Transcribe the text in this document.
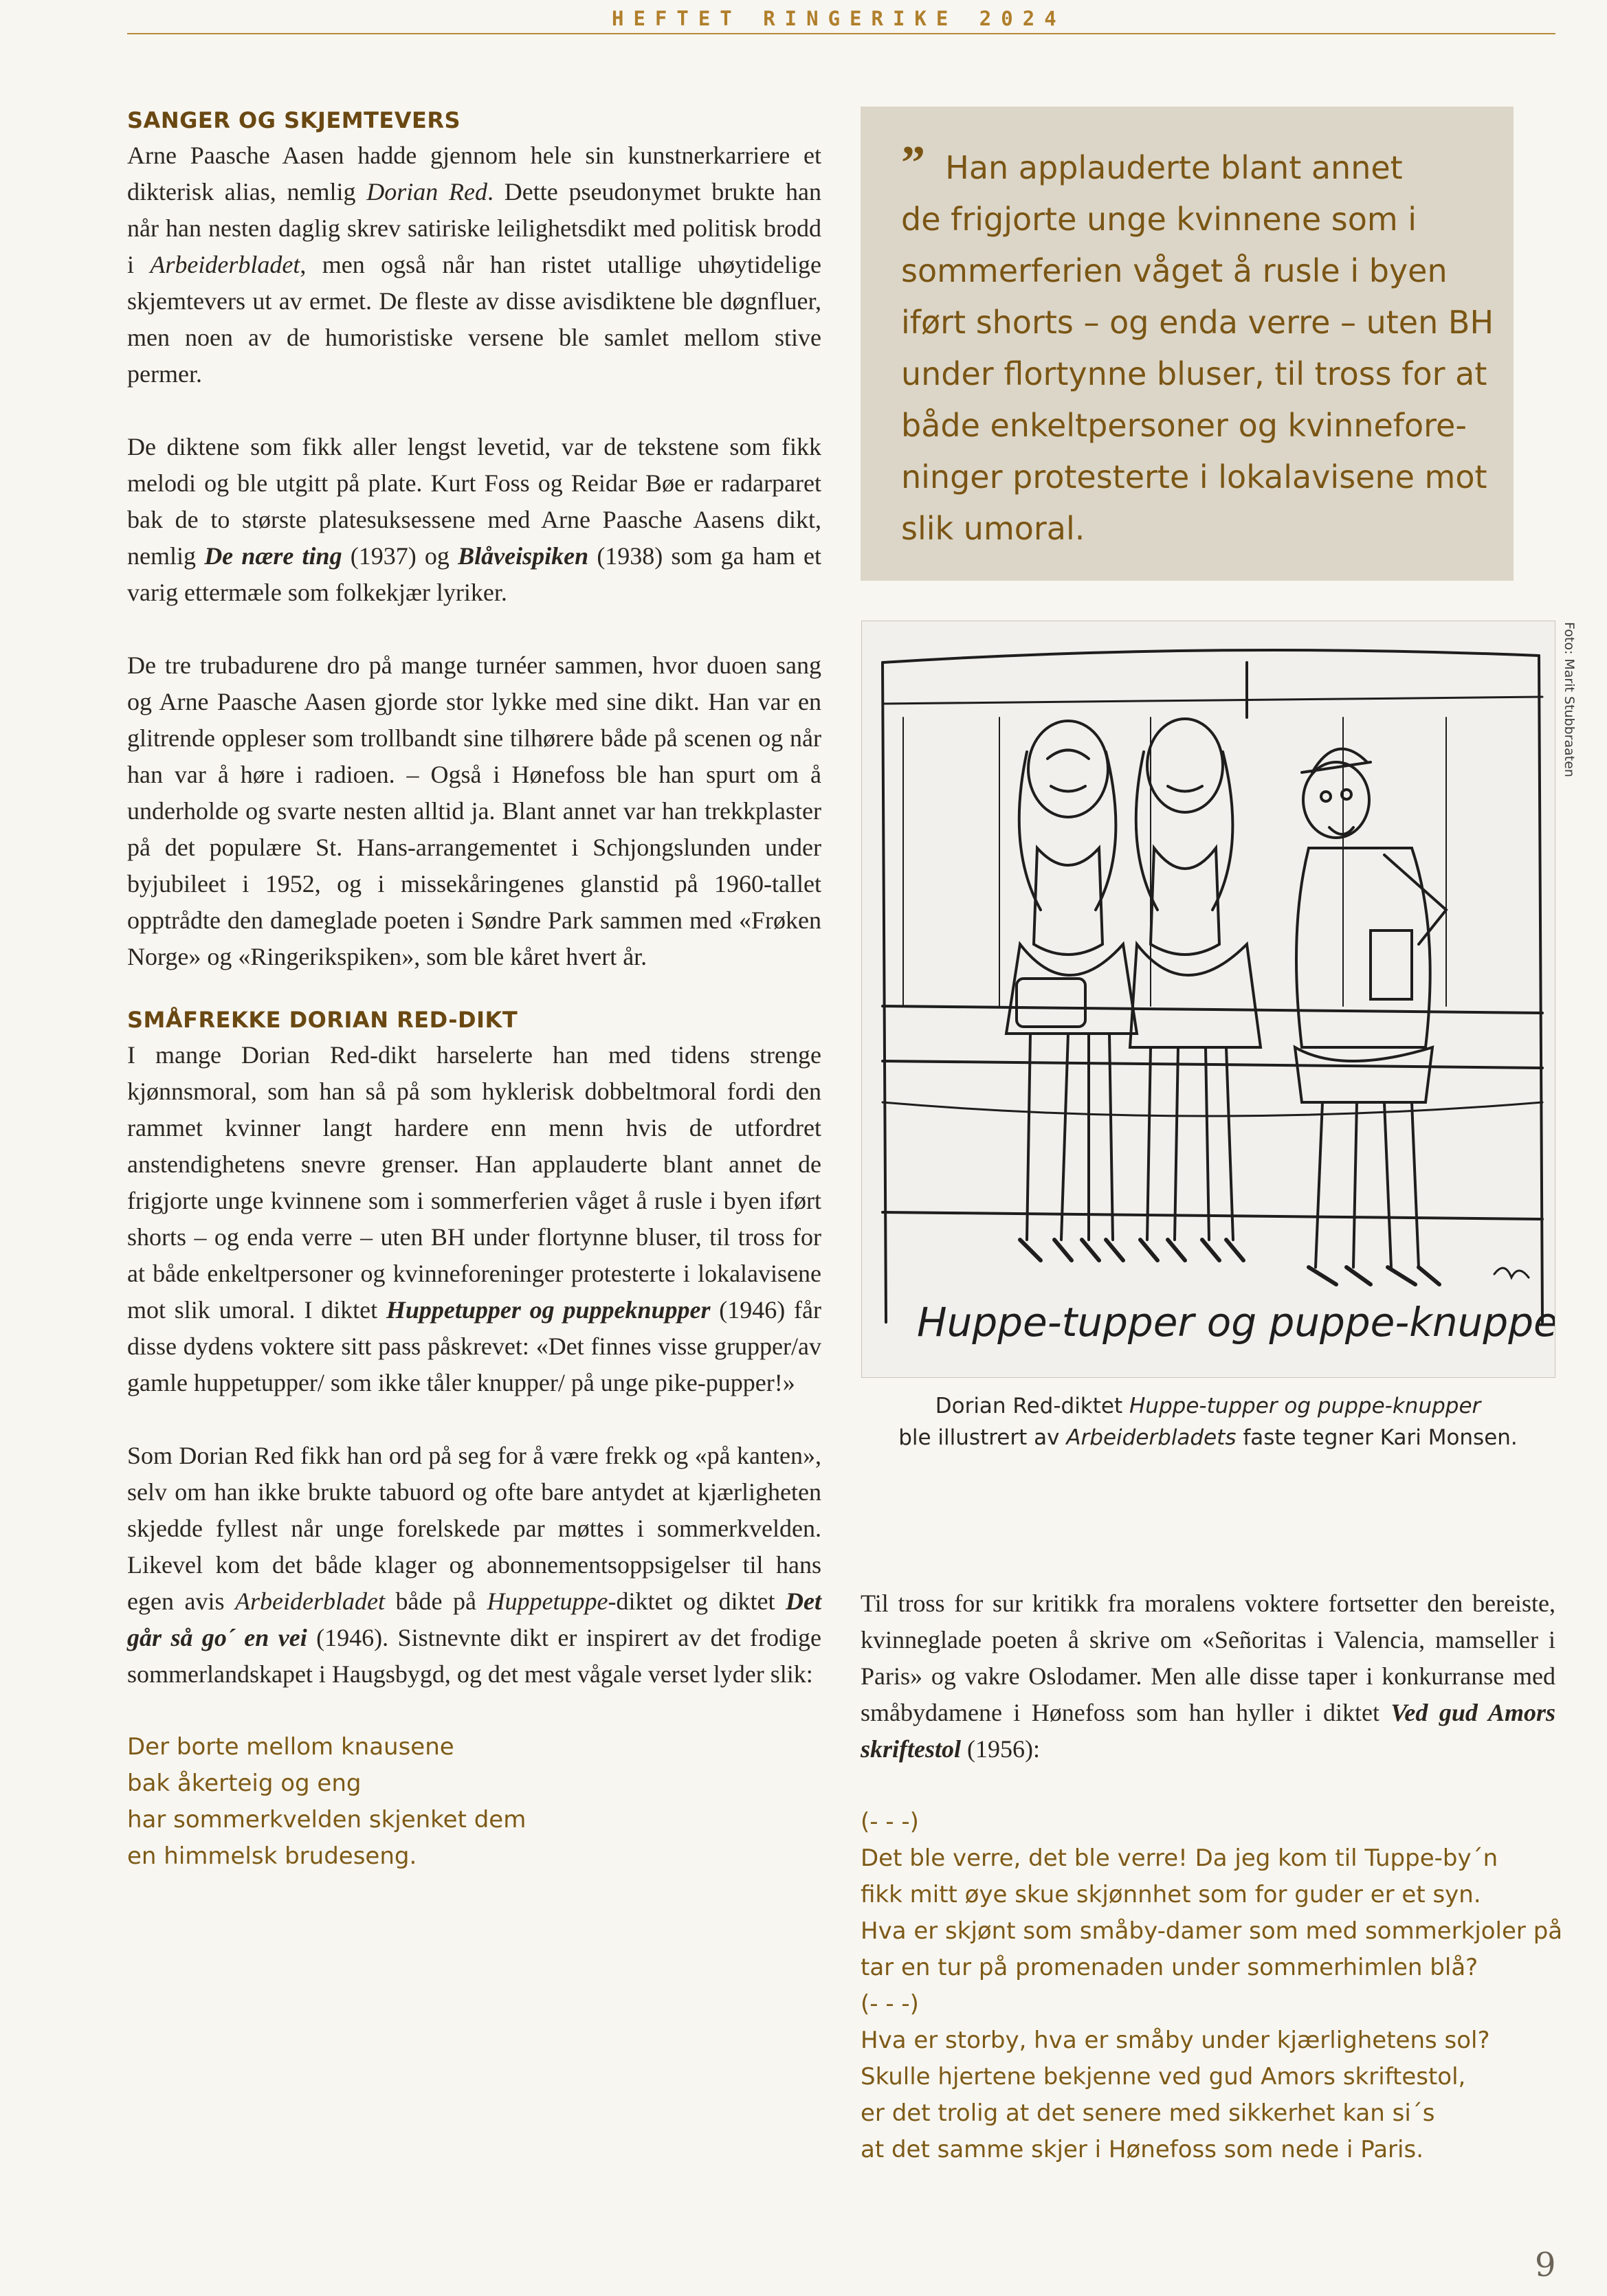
HEFTET RINGERIKE 2024
SANGER OG SKJEMTEVERS

Arne Paasche Aasen hadde gjennom hele sin kunstnerkarriere et dikterisk alias, nemlig Dorian Red. Dette pseudonymet brukte han når han nesten daglig skrev satiriske leilighetsdikt med politisk brodd i Arbeiderbladet, men også når han ristet utallige uhøytidelige skjemtevers ut av ermet. De fleste av disse avisdiktene ble døgnfluer, men noen av de humoristiske versene ble samlet mellom stive permer.

De diktene som fikk aller lengst levetid, var de tekstene som fikk melodi og ble utgitt på plate. Kurt Foss og Reidar Bøe er radarparet bak de to største platesuksessene med Arne Paasche Aasens dikt, nemlig De nære ting (1937) og Blåveispiken (1938) som ga ham et varig ettermæle som folkekjær lyriker.

De tre trubadurene dro på mange turnéer sammen, hvor duoen sang og Arne Paasche Aasen gjorde stor lykke med sine dikt. Han var en glitrende oppleser som trollbandt sine tilhørere både på scenen og når han var å høre i radioen. – Også i Hønefoss ble han spurt om å underholde og svarte nesten alltid ja. Blant annet var han trekkplaster på det populære St. Hans-arrangementet i Schjongslunden under byjubileet i 1952, og i missekåringenes glanstid på 1960-tallet opptrådte den dameglade poeten i Søndre Park sammen med «Frøken Norge» og «Ringerikspiken», som ble kåret hvert år.

SMÅFREKKE DORIAN RED-DIKT

I mange Dorian Red-dikt harselerte han med tidens strenge kjønnsmoral, som han så på som hyklerisk dobbeltmoral fordi den rammet kvinner langt hardere enn menn hvis de utfordret anstendighetens snevre grenser. Han applauderte blant annet de frigjorte unge kvinnene som i sommerferien våget å rusle i byen iført shorts – og enda verre – uten BH under flortynne bluser, til tross for at både enkeltpersoner og kvinneforeninger protesterte i lokalavisene mot slik umoral. I diktet Huppetupper og puppeknupper (1946) får disse dydens voktere sitt pass påskrevet: «Det finnes visse grupper/av gamle huppetupper/ som ikke tåler knupper/ på unge pike-pupper!»

Som Dorian Red fikk han ord på seg for å være frekk og «på kanten», selv om han ikke brukte tabuord og ofte bare antydet at kjærligheten skjedde fyllest når unge forelskede par møttes i sommerkvelden. Likevel kom det både klager og abonnementsoppsigelser til hans egen avis Arbeiderbladet både på Huppetuppe-diktet og diktet Det går så go´ en vei (1946). Sistnevnte dikt er inspirert av det frodige sommerlandskapet i Haugsbygd, og det mest vågale verset lyder slik:

Der borte mellom knausene
bak åkerteig og eng
har sommerkvelden skjenket dem
en himmelsk brudeseng.
” Han applauderte blant annet
de frigjorte unge kvinnene som i
sommerferien våget å rusle i byen
iført shorts – og enda verre – uten BH
under flortynne bluser, til tross for at
både enkeltpersoner og kvinnefore-
ninger protesterte i lokalavisene mot
slik umoral.
Huppe-tupper og puppe-knupper.
Foto: Marit Stubbraaten
Dorian Red-diktet Huppe-tupper og puppe-knupper
ble illustrert av Arbeiderbladets faste tegner Kari Monsen.

Til tross for sur kritikk fra moralens voktere fortsetter den bereiste, kvinneglade poeten å skrive om «Señoritas i Valencia, mamseller i Paris» og vakre Oslodamer. Men alle disse taper i konkurranse med småbydamene i Hønefoss som han hyller i diktet Ved gud Amors skriftestol (1956):

(- - -)
Det ble verre, det ble verre! Da jeg kom til Tuppe-by´n
fikk mitt øye skue skjønnhet som for guder er et syn.
Hva er skjønt som småby-damer som med sommerkjoler på
tar en tur på promenaden under sommerhimlen blå?
(- - -)
Hva er storby, hva er småby under kjærlighetens sol?
Skulle hjertene bekjenne ved gud Amors skriftestol,
er det trolig at det senere med sikkerhet kan si´s
at det samme skjer i Hønefoss som nede i Paris.
9
